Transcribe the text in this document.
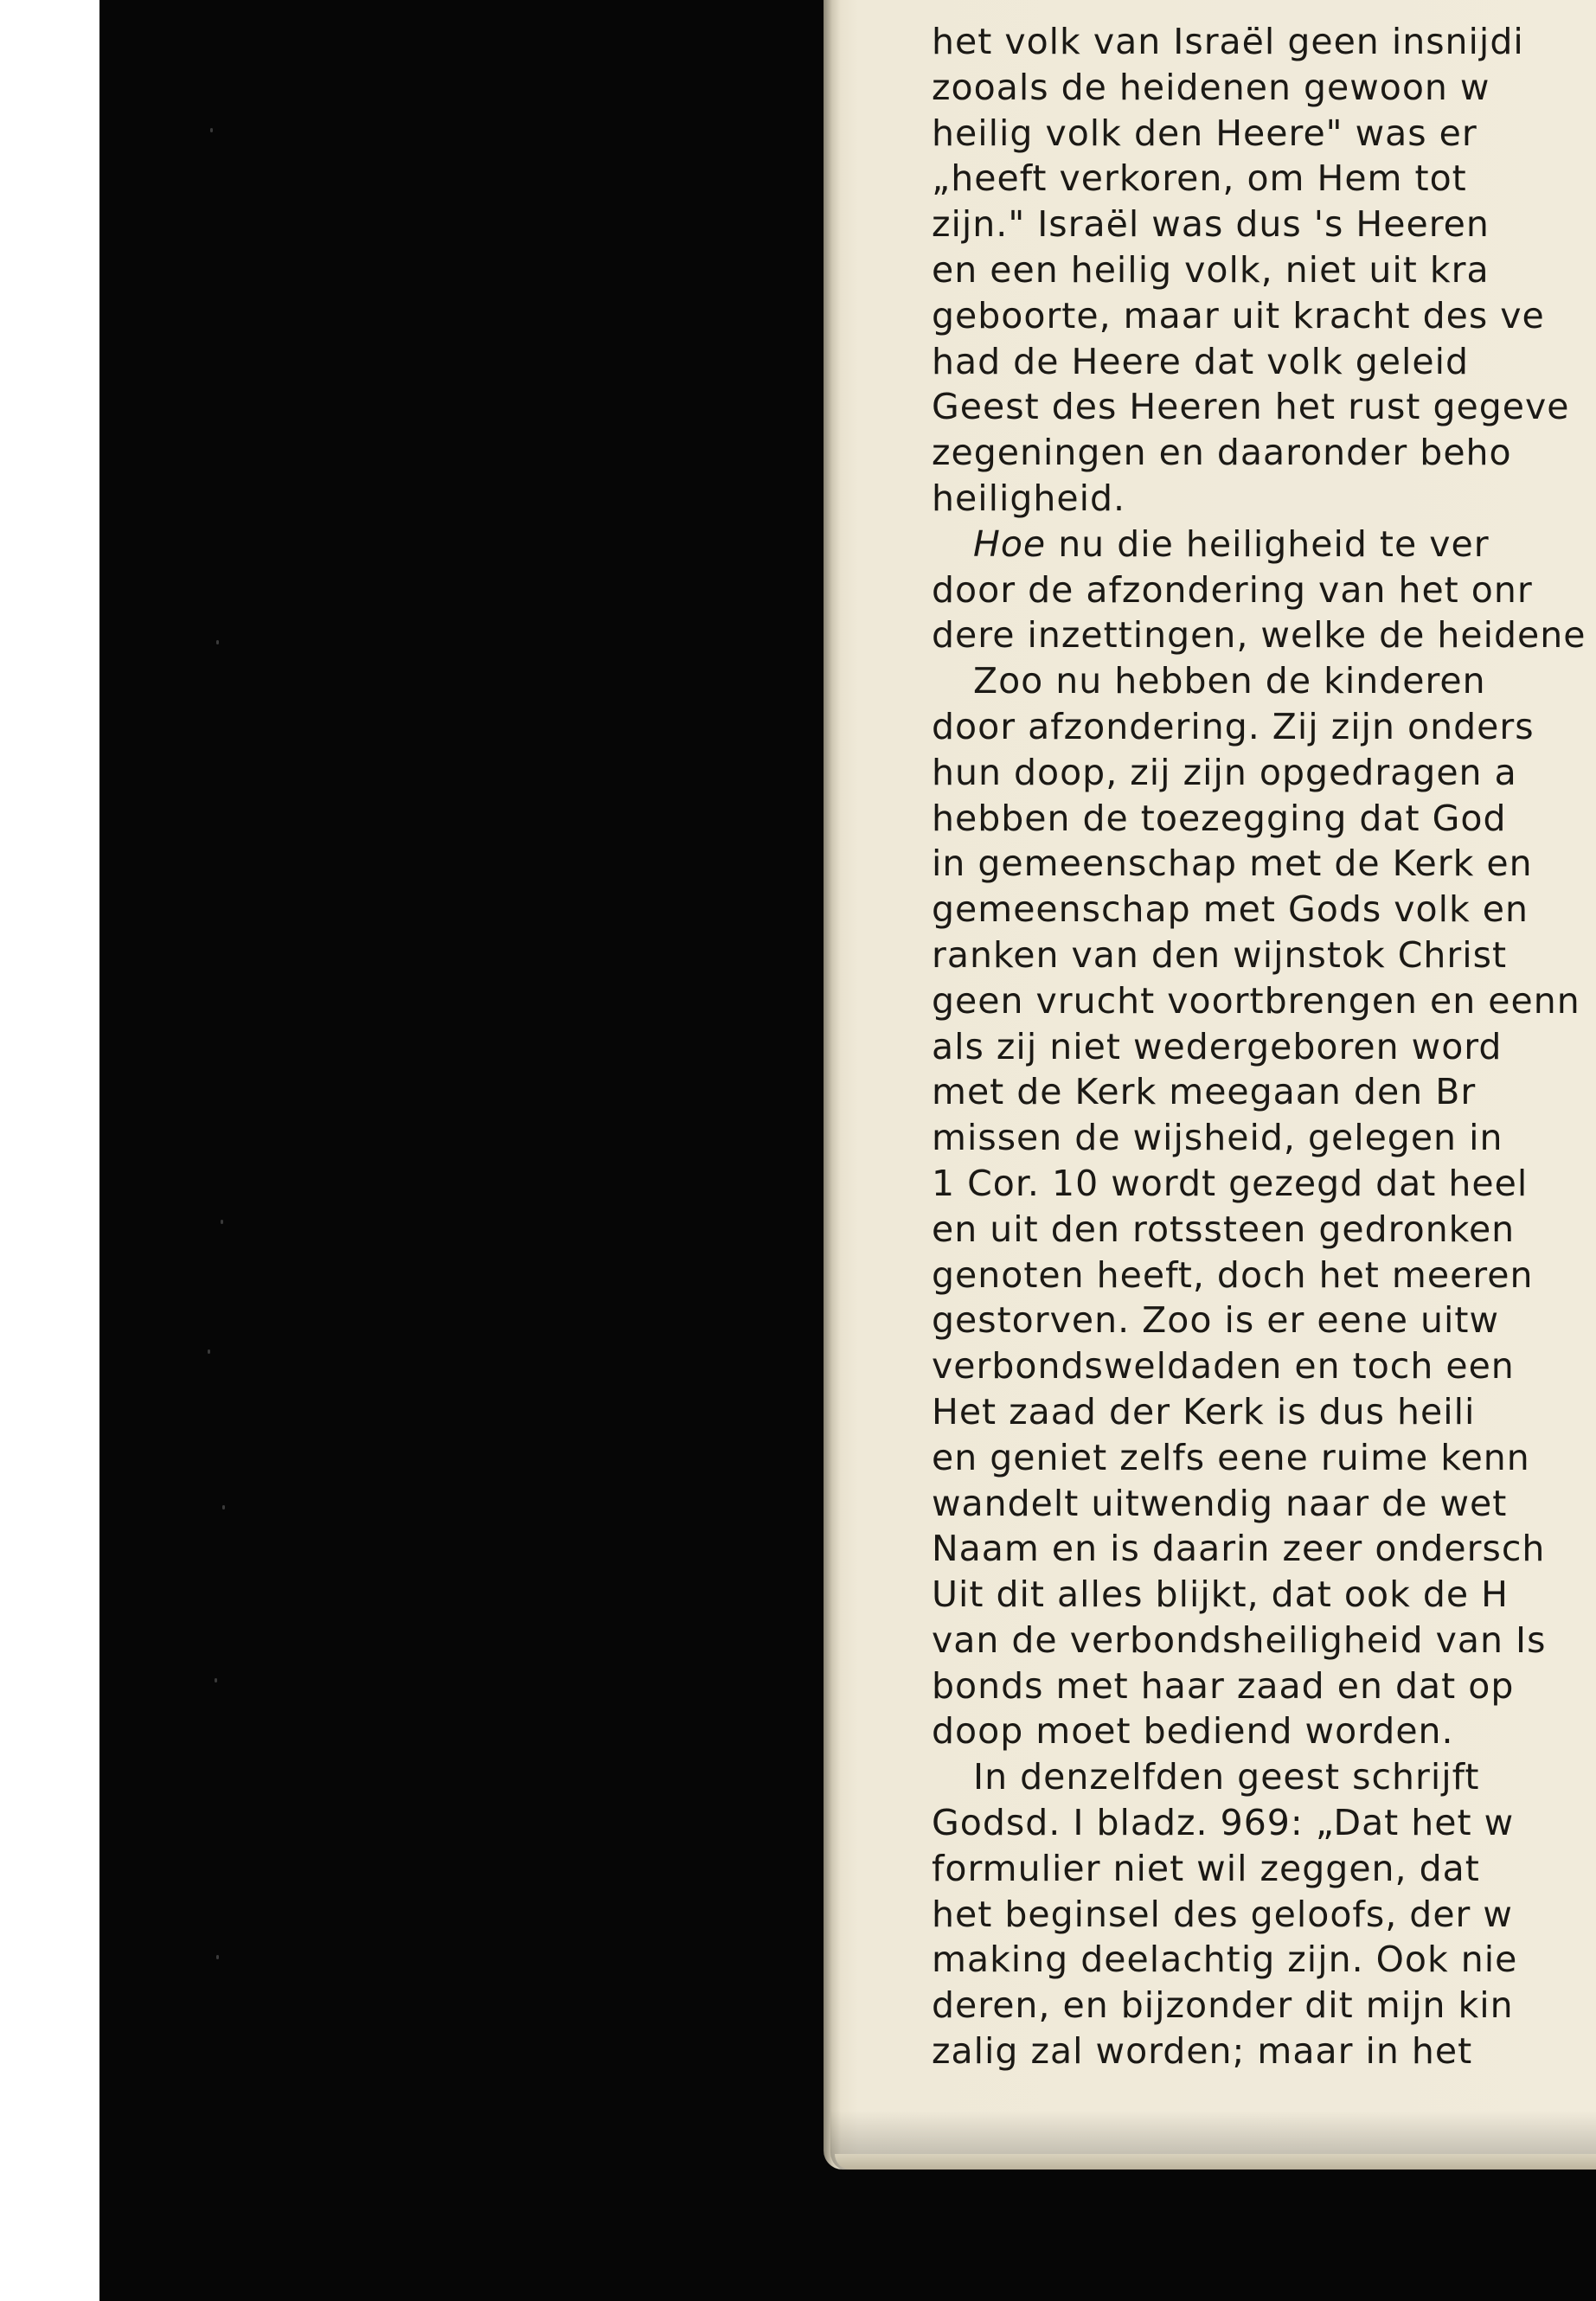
het volk van Israël geen insnijdi
zooals de heidenen gewoon w
heilig volk den Heere" was er
„heeft verkoren, om Hem tot
zijn." Israël was dus 's Heeren
en een heilig volk, niet uit kra
geboorte, maar uit kracht des ve
had de Heere dat volk geleid
Geest des Heeren het rust gegeve
zegeningen en daaronder beho
heiligheid.
Hoe nu die heiligheid te ver
door de afzondering van het onr
dere inzettingen, welke de heidene
Zoo nu hebben de kinderen
door afzondering. Zij zijn onders
hun doop, zij zijn opgedragen a
hebben de toezegging dat God
in gemeenschap met de Kerk en
gemeenschap met Gods volk en
ranken van den wijnstok Christ
geen vrucht voortbrengen en eenn
als zij niet wedergeboren word
met de Kerk meegaan den Br
missen de wijsheid, gelegen in
1 Cor. 10 wordt gezegd dat heel
en uit den rotssteen gedronken
genoten heeft, doch het meeren
gestorven. Zoo is er eene uitw
verbondsweldaden en toch een
Het zaad der Kerk is dus heili
en geniet zelfs eene ruime kenn
wandelt uitwendig naar de wet
Naam en is daarin zeer ondersch
Uit dit alles blijkt, dat ook de H
van de verbondsheiligheid van Is
bonds met haar zaad en dat op
doop moet bediend worden.
In denzelfden geest schrijft
Godsd. I bladz. 969: „Dat het w
formulier niet wil zeggen, dat
het beginsel des geloofs, der w
making deelachtig zijn. Ook nie
deren, en bijzonder dit mijn kin
zalig zal worden; maar in het
